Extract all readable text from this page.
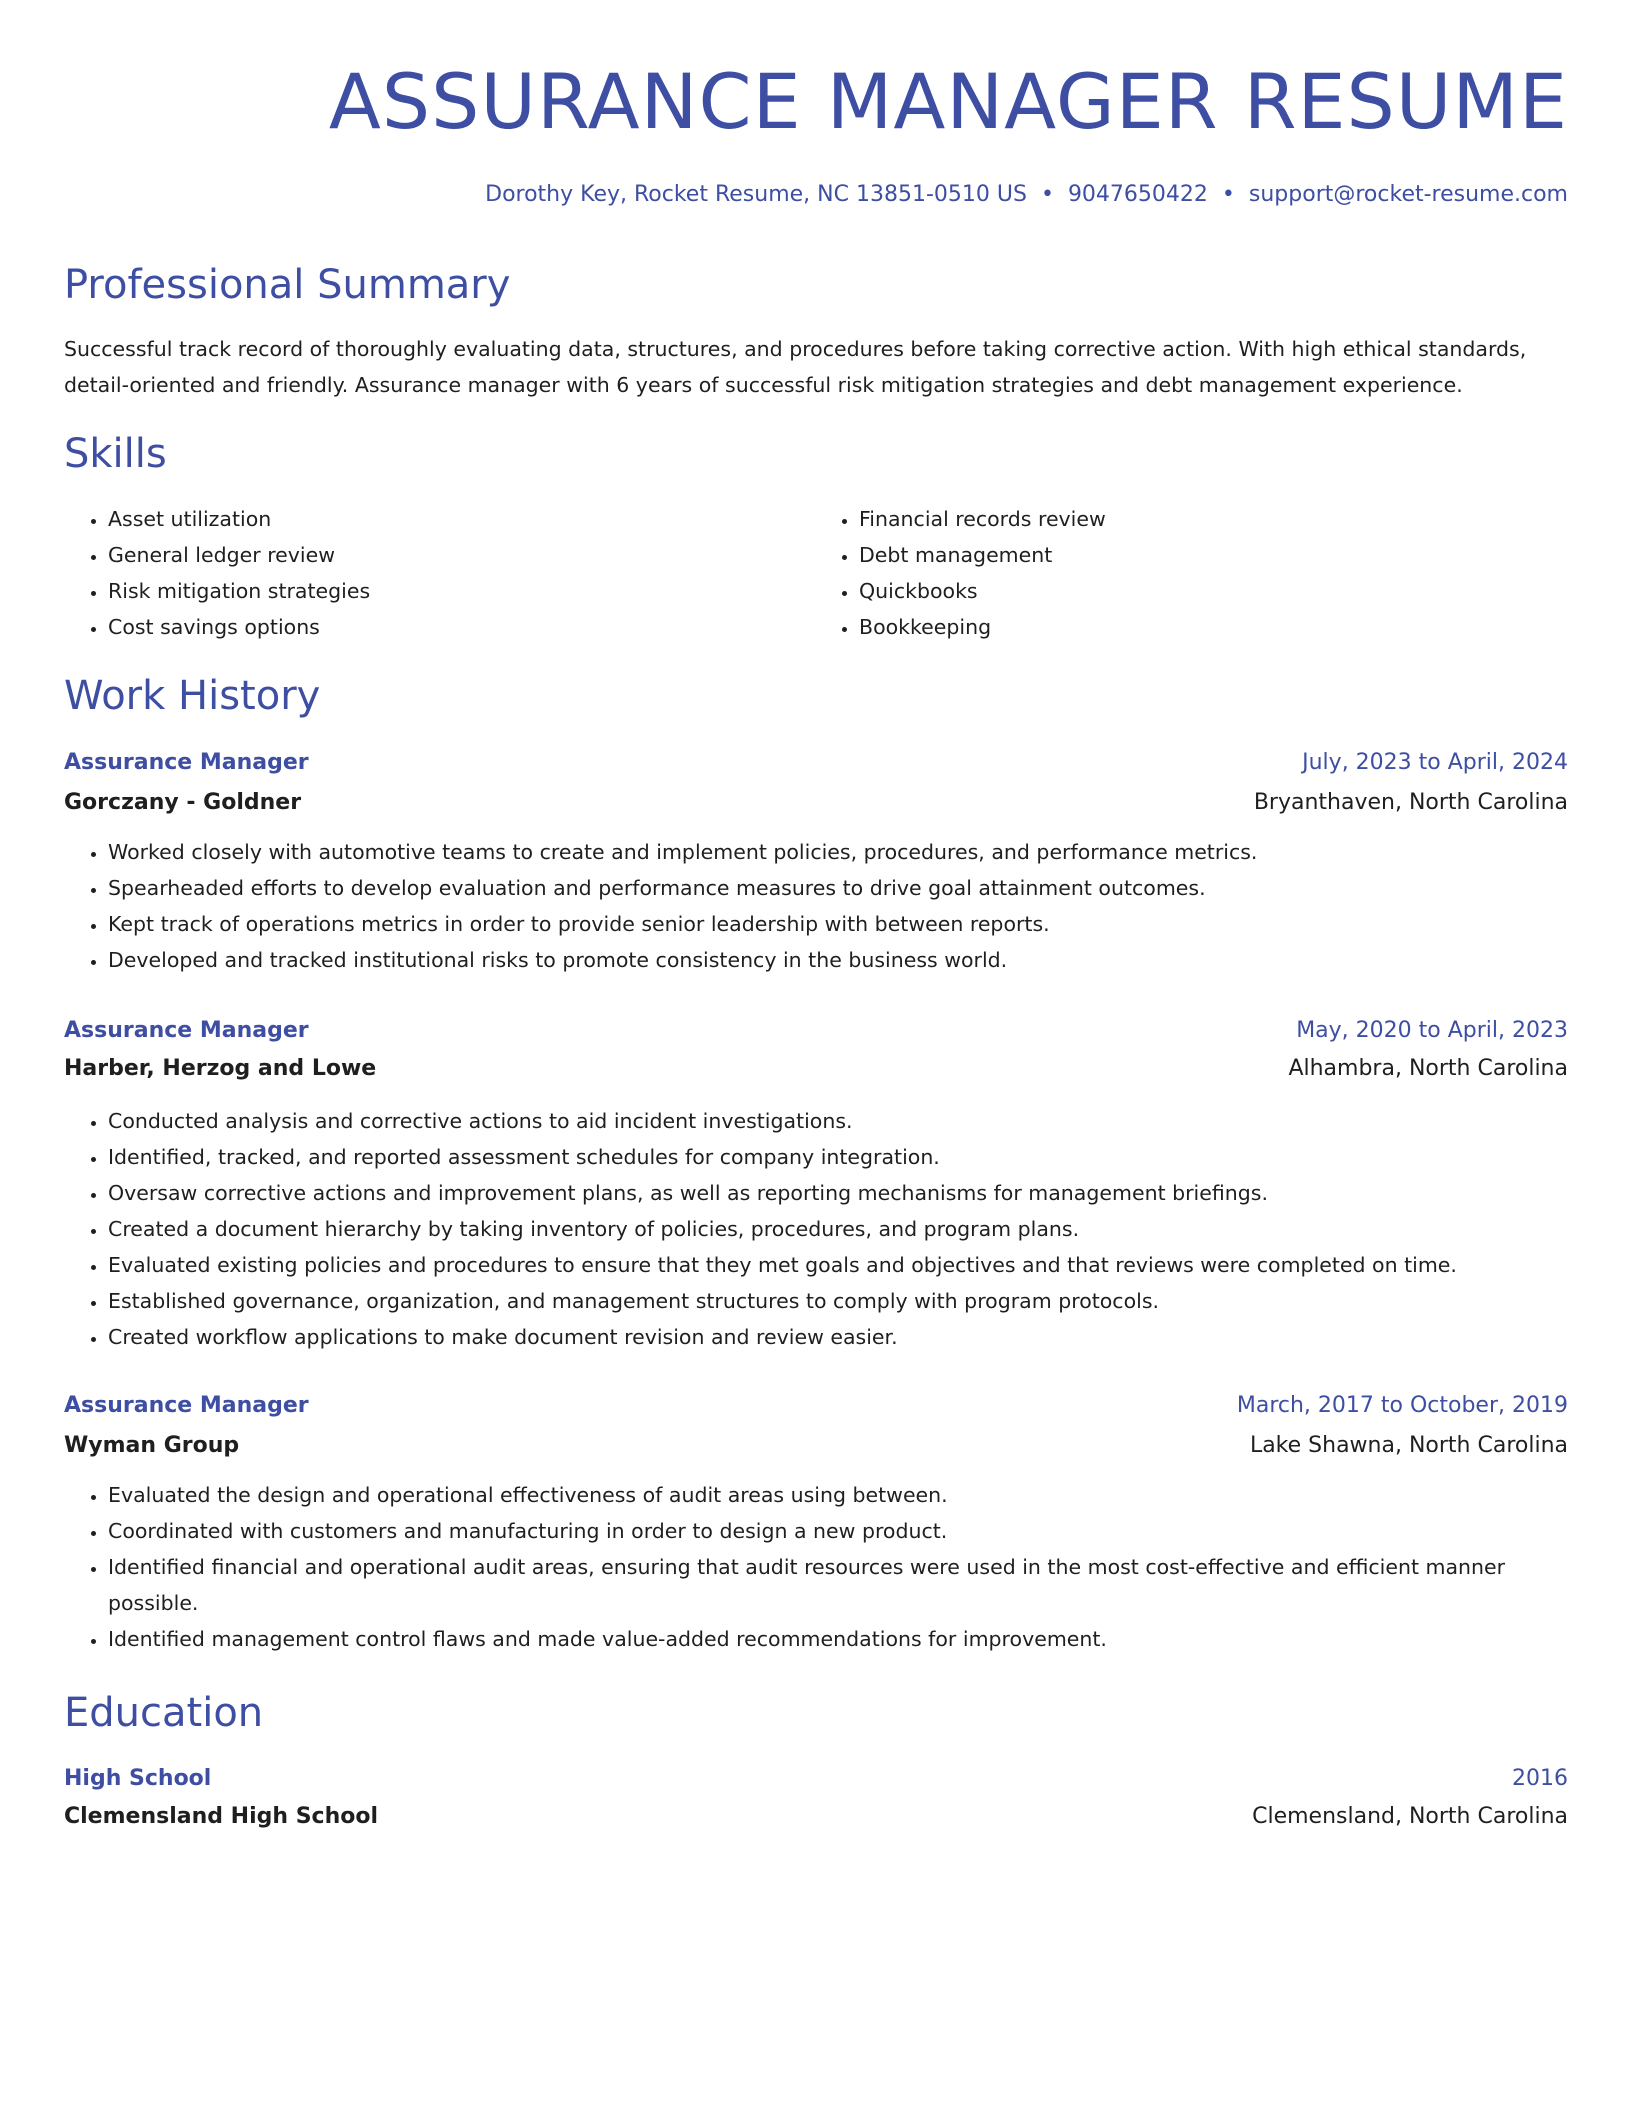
ASSURANCE MANAGER RESUME
Dorothy Key, Rocket Resume, NC 13851-0510 US • 9047650422 • support@rocket-resume.com
Professional Summary

Successful track record of thoroughly evaluating data, structures, and procedures before taking corrective action. With high ethical standards, detail-oriented and friendly. Assurance manager with 6 years of successful risk mitigation strategies and debt management experience.

Skills
• Asset utilization
• General ledger review
• Risk mitigation strategies
• Cost savings options
• Financial records review
• Debt management
• Quickbooks
• Bookkeeping
Work History
Assurance Manager	July, 2023 to April, 2024
Gorczany - Goldner	Bryanthaven, North Carolina
• Worked closely with automotive teams to create and implement policies, procedures, and performance metrics.
• Spearheaded efforts to develop evaluation and performance measures to drive goal attainment outcomes.
• Kept track of operations metrics in order to provide senior leadership with between reports.
• Developed and tracked institutional risks to promote consistency in the business world.
Assurance Manager	May, 2020 to April, 2023
Harber, Herzog and Lowe	Alhambra, North Carolina
• Conducted analysis and corrective actions to aid incident investigations.
• Identified, tracked, and reported assessment schedules for company integration.
• Oversaw corrective actions and improvement plans, as well as reporting mechanisms for management briefings.
• Created a document hierarchy by taking inventory of policies, procedures, and program plans.
• Evaluated existing policies and procedures to ensure that they met goals and objectives and that reviews were completed on time.
• Established governance, organization, and management structures to comply with program protocols.
• Created workflow applications to make document revision and review easier.
Assurance Manager	March, 2017 to October, 2019
Wyman Group	Lake Shawna, North Carolina
• Evaluated the design and operational effectiveness of audit areas using between.
• Coordinated with customers and manufacturing in order to design a new product.
• Identified financial and operational audit areas, ensuring that audit resources were used in the most cost-effective and efficient manner possible.
• Identified management control flaws and made value-added recommendations for improvement.
Education
High School	2016
Clemensland High School	Clemensland, North Carolina
